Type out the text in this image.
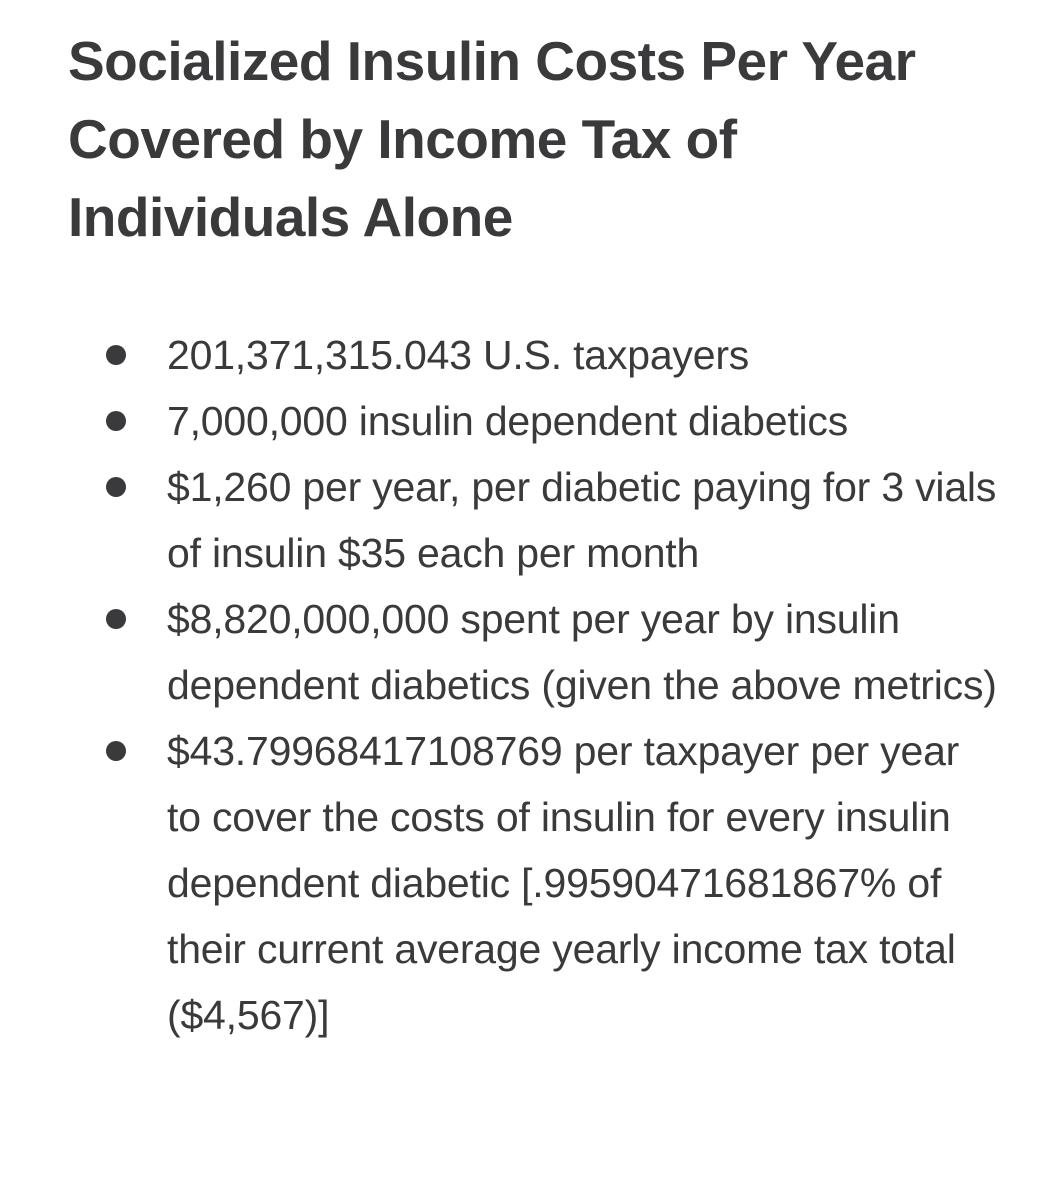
Socialized Insulin Costs Per Year Covered by Income Tax of Individuals Alone
201,371,315.043 U.S. taxpayers
7,000,000 insulin dependent diabetics
$1,260 per year, per diabetic paying for 3 vials of insulin $35 each per month
$8,820,000,000 spent per year by insulin dependent diabetics (given the above metrics)
$43.79968417108769 per taxpayer per year to cover the costs of insulin for every insulin dependent diabetic [.99590471681867% of their current average yearly income tax total ($4,567)]
